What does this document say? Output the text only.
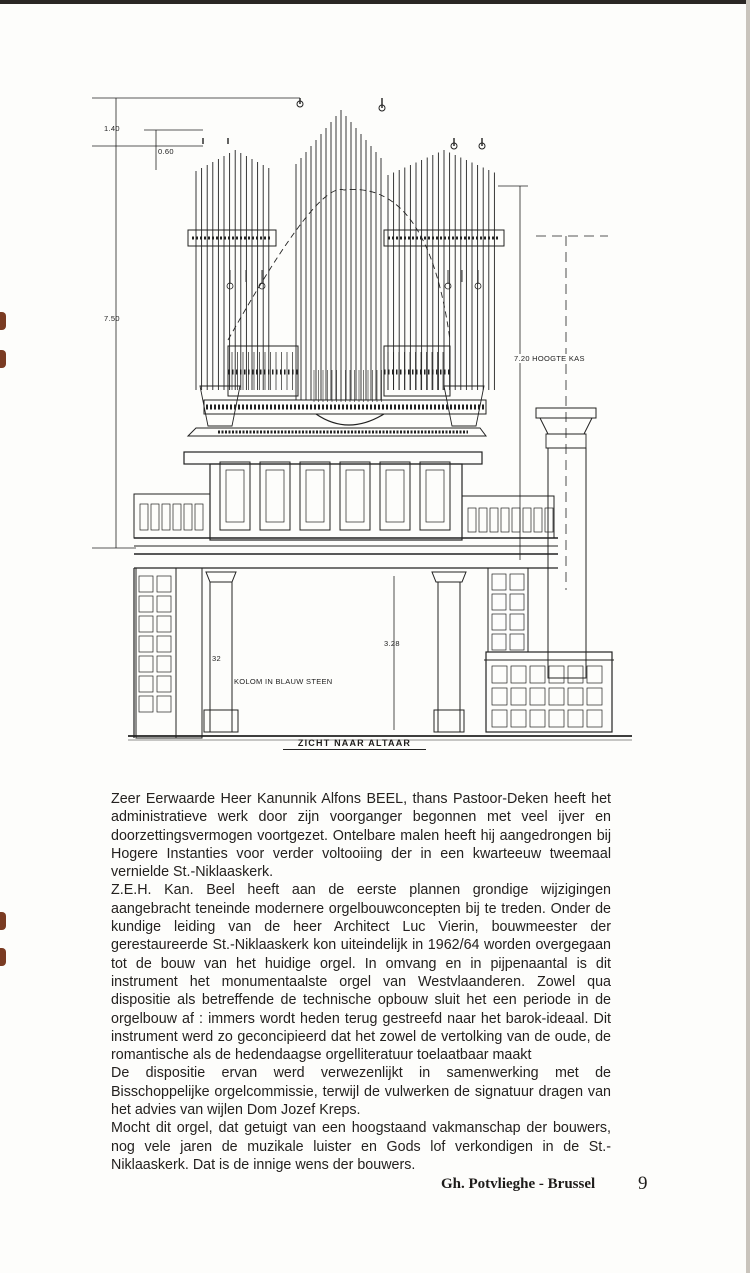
1.40
0.60
7.50
7.20 HOOGTE KAS
3.28
32
KOLOM IN BLAUW STEEN
ZICHT NAAR ALTAAR

Zeer Eerwaarde Heer Kanunnik Alfons BEEL, thans Pastoor-Deken heeft het administratieve werk door zijn voorganger begonnen met veel ijver en doorzettingsvermogen voortgezet. Ontelbare malen heeft hij aangedrongen bij Hogere Instanties voor verder voltooiing der in een kwarteeuw tweemaal vernielde St.-Niklaaskerk.

Z.E.H. Kan. Beel heeft aan de eerste plannen grondige wijzigingen aangebracht teneinde modernere orgelbouwconcepten bij te treden. Onder de kundige leiding van de heer Architect Luc Vierin, bouwmeester der gerestaureerde St.-Niklaaskerk kon uiteindelijk in 1962/64 worden overgegaan tot de bouw van het huidige orgel. In omvang en in pijpenaantal is dit instrument het monumentaalste orgel van Westvlaanderen. Zowel qua dispositie als betreffende de technische opbouw sluit het een periode in de orgelbouw af : immers wordt heden terug gestreefd naar het barok-ideaal. Dit instrument werd zo geconcipieerd dat het zowel de vertolking van de oude, de romantische als de hedendaagse orgelliteratuur toelaatbaar maakt

De dispositie ervan werd verwezenlijkt in samenwerking met de Bisschoppelijke orgelcommissie, terwijl de vulwerken de signatuur dragen van het advies van wijlen Dom Jozef Kreps.

Mocht dit orgel, dat getuigt van een hoogstaand vakmanschap der bouwers, nog vele jaren de muzikale luister en Gods lof verkondigen in de St.-Niklaaskerk. Dat is de innige wens der bouwers.

Gh. Potvlieghe - Brussel 9
